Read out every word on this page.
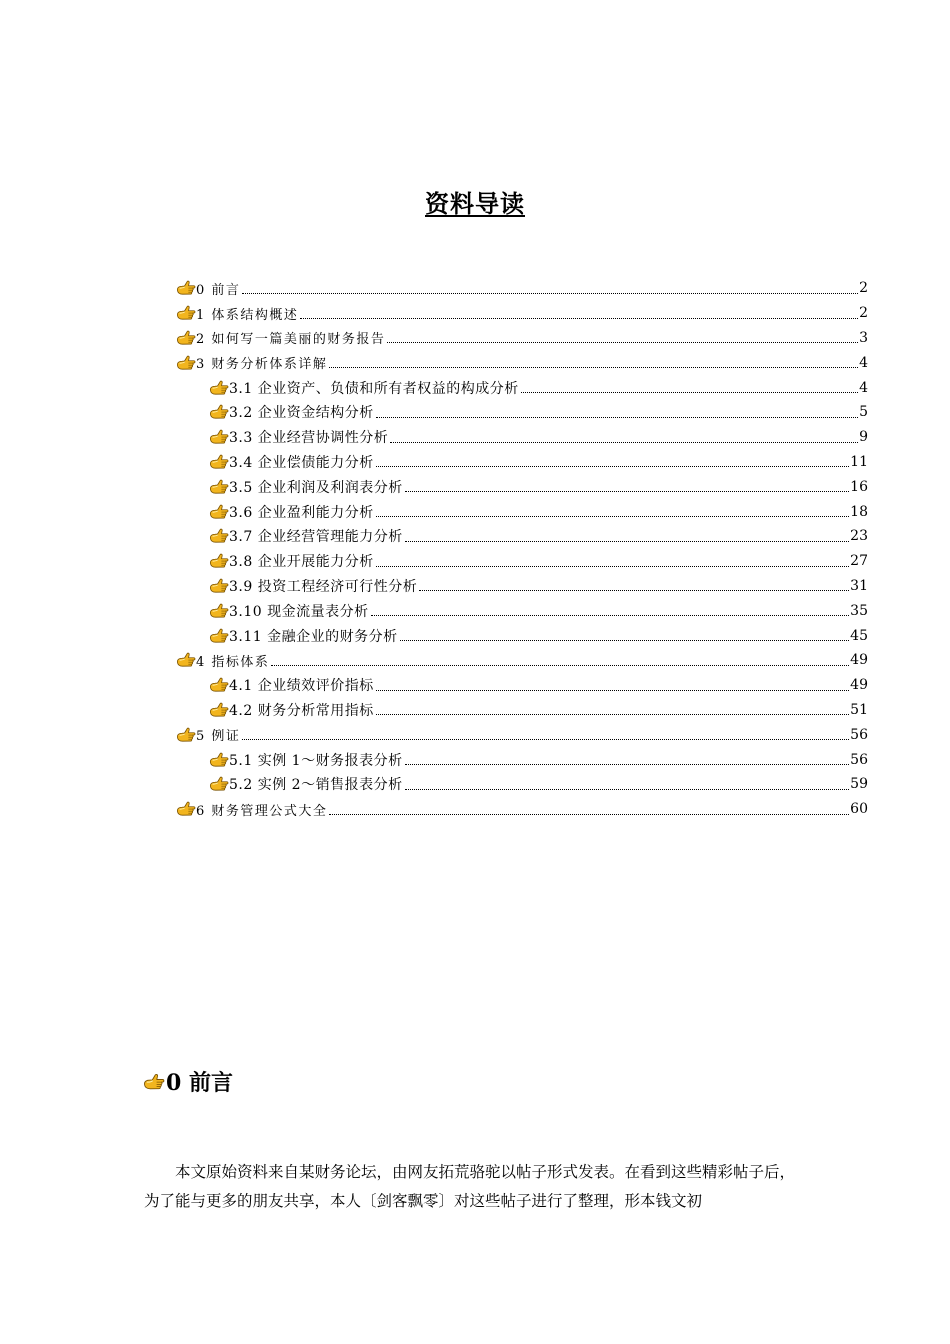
资料导读
0 前言	2
1 体系结构概述	2
2 如何写一篇美丽的财务报告	3
3 财务分析体系详解	4
3.1 企业资产、负债和所有者权益的构成分析	4
3.2 企业资金结构分析	5
3.3 企业经营协调性分析	9
3.4 企业偿债能力分析	11
3.5 企业利润及利润表分析	16
3.6 企业盈利能力分析	18
3.7 企业经营管理能力分析	23
3.8 企业开展能力分析	27
3.9 投资工程经济可行性分析	31
3.10 现金流量表分析	35
3.11 金融企业的财务分析	45
4 指标体系	49
4.1 企业绩效评价指标	49
4.2 财务分析常用指标	51
5 例证	56
5.1 实例 1～财务报表分析	56
5.2 实例 2～销售报表分析	59
6 财务管理公式大全	60
0 前言
本文原始资料来自某财务论坛，由网友拓荒骆驼以帖子形式发表。在看到这些精彩帖子后，为了能与更多的朋友共享，本人〔剑客飘零〕对这些帖子进行了整理，形本钱文初
